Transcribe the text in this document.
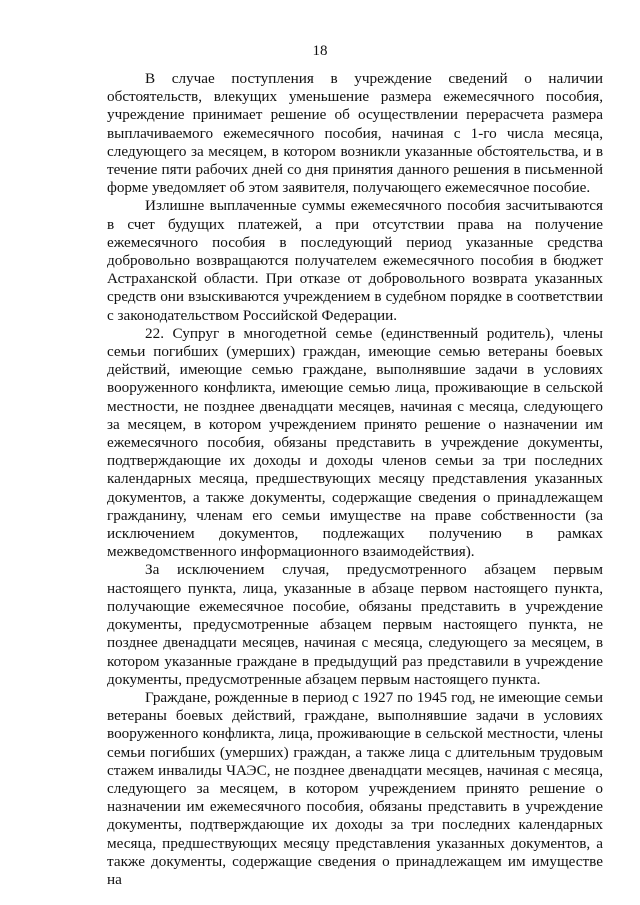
18

В случае поступления в учреждение сведений о наличии обстоятельств, влекущих уменьшение размера ежемесячного пособия, учреждение принимает решение об осуществлении перерасчета размера выплачиваемого ежемесячного пособия, начиная с 1-го числа месяца, следующего за месяцем, в котором возникли указанные обстоятельства, и в течение пяти рабочих дней со дня принятия данного решения в письменной форме уведомляет об этом заявителя, получающего ежемесячное пособие.

Излишне выплаченные суммы ежемесячного пособия засчитываются в счет будущих платежей, а при отсутствии права на получение ежемесячного пособия в последующий период указанные средства добровольно возвращаются получателем ежемесячного пособия в бюджет Астраханской области. При отказе от добровольного возврата указанных средств они взыскиваются учреждением в судебном порядке в соответствии с законодательством Российской Федерации.

22. Супруг в многодетной семье (единственный родитель), члены семьи погибших (умерших) граждан, имеющие семью ветераны боевых действий, имеющие семью граждане, выполнявшие задачи в условиях вооруженного конфликта, имеющие семью лица, проживающие в сельской местности, не позднее двенадцати месяцев, начиная с месяца, следующего за месяцем, в котором учреждением принято решение о назначении им ежемесячного пособия, обязаны представить в учреждение документы, подтверждающие их доходы и доходы членов семьи за три последних календарных месяца, предшествующих месяцу представления указанных документов, а также документы, содержащие сведения о принадлежащем гражданину, членам его семьи имуществе на праве собственности (за исключением документов, подлежащих получению в рамках межведомственного информационного взаимодействия).

За исключением случая, предусмотренного абзацем первым настоящего пункта, лица, указанные в абзаце первом настоящего пункта, получающие ежемесячное пособие, обязаны представить в учреждение документы, предусмотренные абзацем первым настоящего пункта, не позднее двенадцати месяцев, начиная с месяца, следующего за месяцем, в котором указанные граждане в предыдущий раз представили в учреждение документы, предусмотренные абзацем первым настоящего пункта.

Граждане, рожденные в период с 1927 по 1945 год, не имеющие семьи ветераны боевых действий, граждане, выполнявшие задачи в условиях вооруженного конфликта, лица, проживающие в сельской местности, члены семьи погибших (умерших) граждан, а также лица с длительным трудовым стажем инвалиды ЧАЭС, не позднее двенадцати месяцев, начиная с месяца, следующего за месяцем, в котором учреждением принято решение о назначении им ежемесячного пособия, обязаны представить в учреждение документы, подтверждающие их доходы за три последних календарных месяца, предшествующих месяцу представления указанных документов, а также документы, содержащие сведения о принадлежащем им имуществе на
